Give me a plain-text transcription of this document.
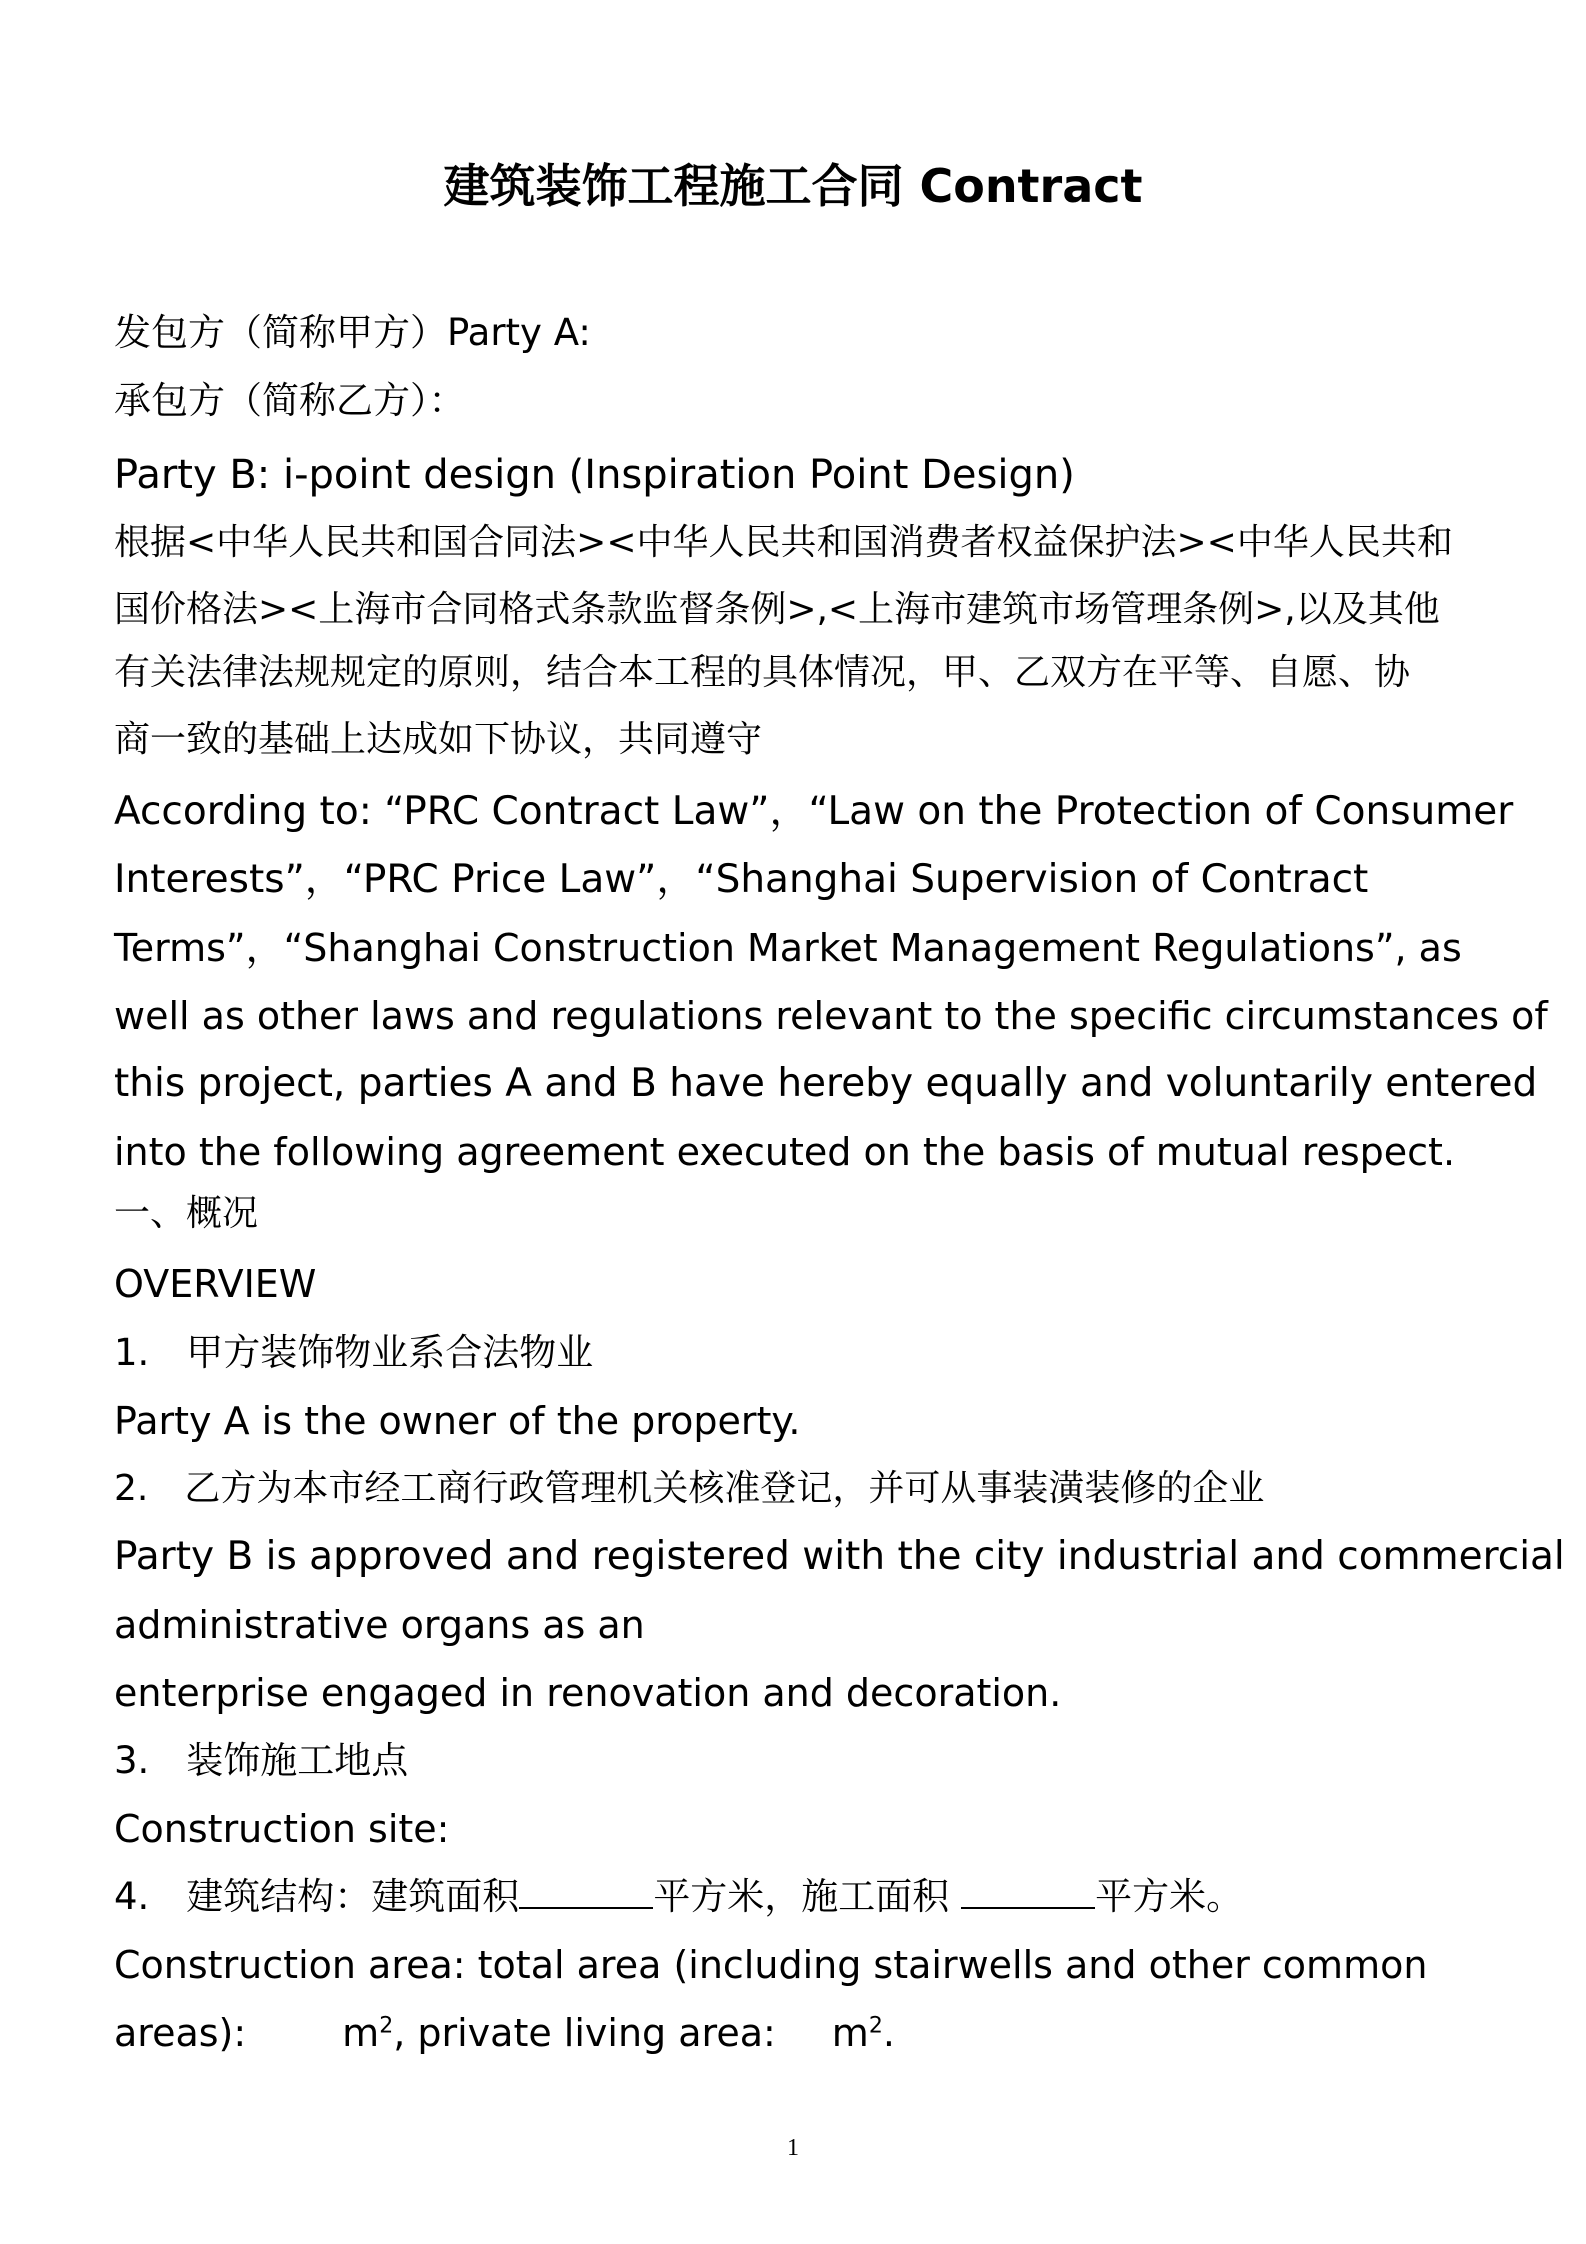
建筑装饰工程施工合同 Contract
发包方（简称甲方）Party A:
承包方（简称乙方）：
Party B: i-point design (Inspiration Point Design)
根据<中华人民共和国合同法><中华人民共和国消费者权益保护法><中华人民共和
国价格法><上海市合同格式条款监督条例>,<上海市建筑市场管理条例>,以及其他
有关法律法规规定的原则，结合本工程的具体情况，甲、乙双方在平等、自愿、协
商一致的基础上达成如下协议，共同遵守
According to: “PRC Contract Law”，“Law on the Protection of Consumer
Interests”，“PRC Price Law”，“Shanghai Supervision of Contract
Terms”，“Shanghai Construction Market Management Regulations”, as
well as other laws and regulations relevant to the specific circumstances of
this project, parties A and B have hereby equally and voluntarily entered
into the following agreement executed on the basis of mutual respect.
一、概况
OVERVIEW
1.　甲方装饰物业系合法物业
Party A is the owner of the property.
2.　乙方为本市经工商行政管理机关核准登记，并可从事装潢装修的企业
Party B is approved and registered with the city industrial and commercial
administrative organs as an
enterprise engaged in renovation and decoration.
3.　装饰施工地点
Construction site:
4.　建筑结构：建筑面积	平方米，施工面积	平方米。
Construction area: total area (including stairwells and other common
areas):	$m^2$, private living area: $m^2$.
1
